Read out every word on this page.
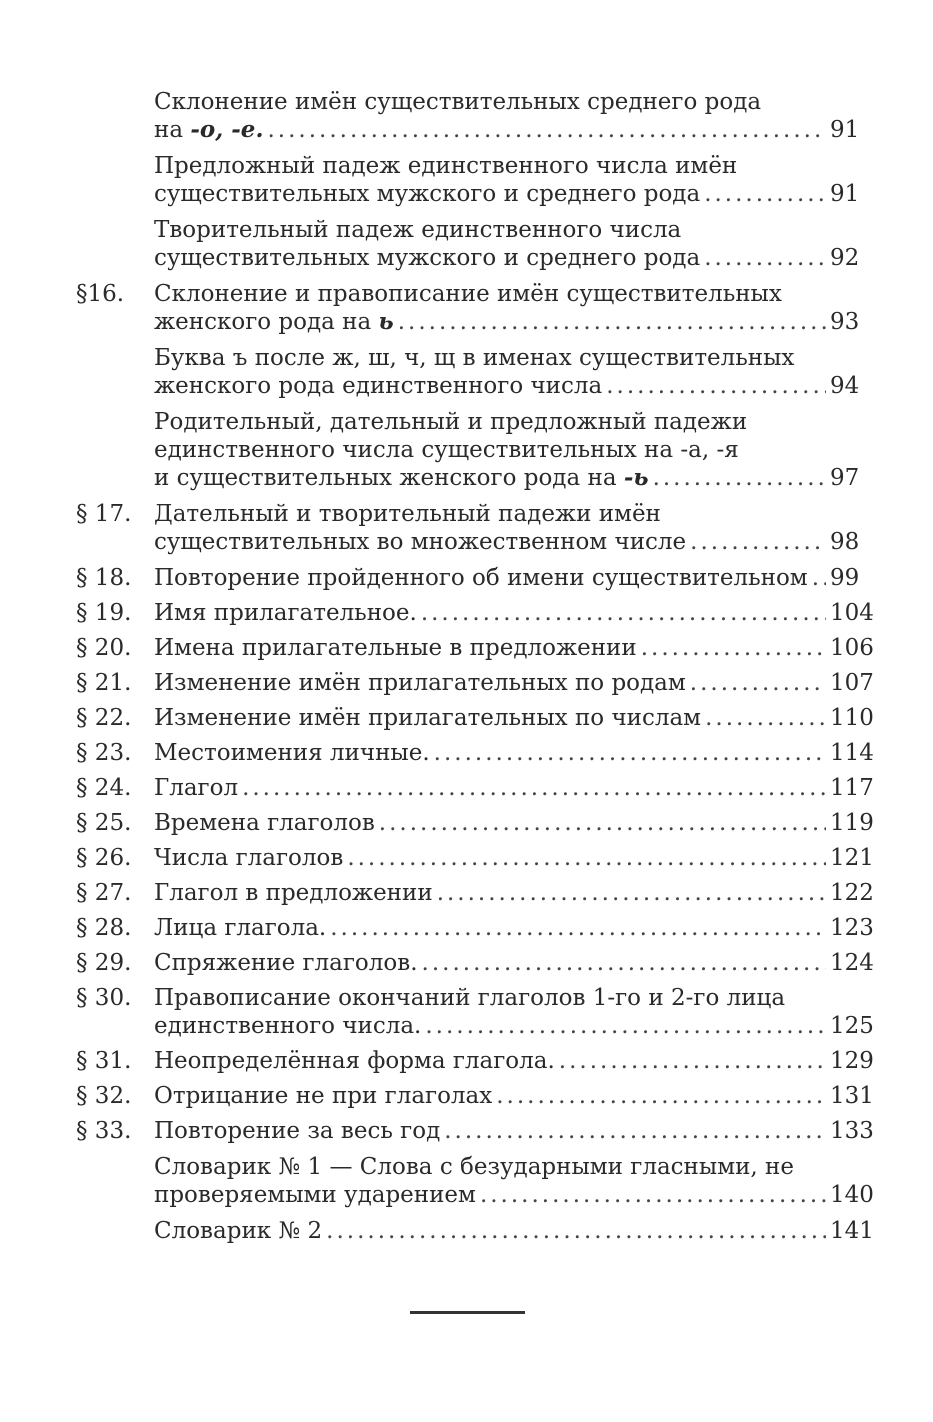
Склонение имён существительных среднего рода
на -о, -е. .....	91
Предложный падеж единственного числа имён
существительных мужского и среднего рода .....	91
Творительный падеж единственного числа
существительных мужского и среднего рода .....	92
§16.	Склонение и правописание имён существительных
женского рода на ь .....	93
Буква ъ после ж, ш, ч, щ в именах существительных
женского рода единственного числа .....	94
Родительный, дательный и предложный падежи
единственного числа существительных на -а, -я
и существительных женского рода на -ь .....	97
§ 17. Дательный и творительный падежи имён
существительных во множественном числе .....	98
§ 18. Повторение пройденного об имени существительном ..... 99
§ 19. Имя прилагательное. .....	104
§ 20. Имена прилагательные в предложении .....	106
§ 21. Изменение имён прилагательных по родам .....	107
§ 22. Изменение имён прилагательных по числам .....	110
§ 23. Местоимения личные. .....	114
§ 24. Глагол .....	117
§ 25. Времена глаголов .....	119
§ 26. Числа глаголов .....	121
§ 27. Глагол в предложении .....	122
§ 28. Лица глагола. .....	123
§ 29. Спряжение глаголов. .....	124
§ 30. Правописание окончаний глаголов 1-го и 2-го лица
единственного числа. .....	125
§ 31. Неопределённая форма глагола. .....	129
§ 32. Отрицание не при глаголах .....	131
§ 33. Повторение за весь год .....	133
Словарик № 1 — Слова с безударными гласными, не
проверяемыми ударением .....	140
Словарик № 2 .....	141
